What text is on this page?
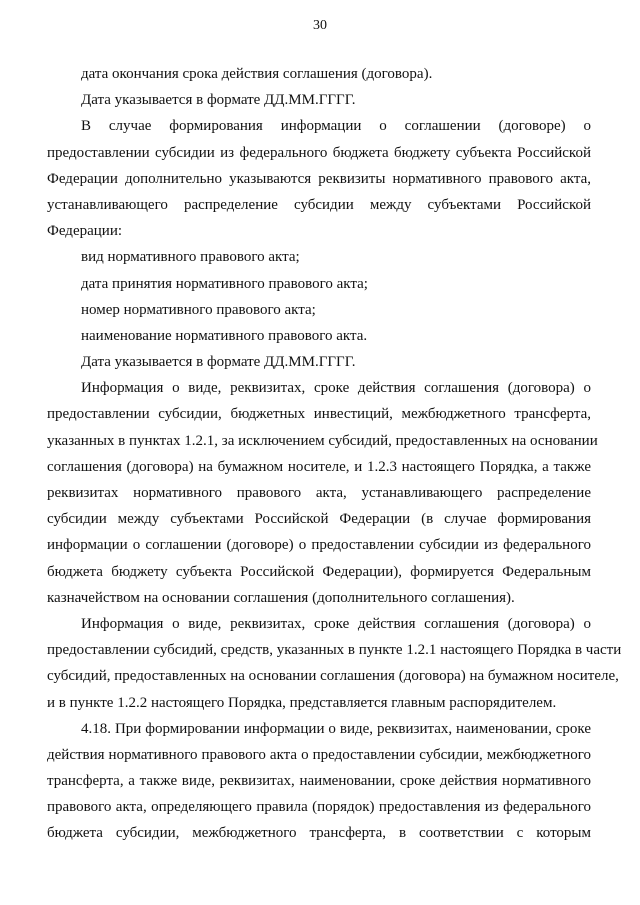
30
дата окончания срока действия соглашения (договора).
Дата указывается в формате ДД.ММ.ГГГГ.
В случае формирования информации о соглашении (договоре) о
предоставлении субсидии из федерального бюджета бюджету субъекта Российской
Федерации дополнительно указываются реквизиты нормативного правового акта,
устанавливающего распределение субсидии между субъектами Российской
Федерации:
вид нормативного правового акта;
дата принятия нормативного правового акта;
номер нормативного правового акта;
наименование нормативного правового акта.
Дата указывается в формате ДД.ММ.ГГГГ.
Информация о виде, реквизитах, сроке действия соглашения (договора) о
предоставлении субсидии, бюджетных инвестиций, межбюджетного трансферта,
указанных в пунктах 1.2.1, за исключением субсидий, предоставленных на основании
соглашения (договора) на бумажном носителе, и 1.2.3 настоящего Порядка, а также
реквизитах нормативного правового акта, устанавливающего распределение
субсидии между субъектами Российской Федерации (в случае формирования
информации о соглашении (договоре) о предоставлении субсидии из федерального
бюджета бюджету субъекта Российской Федерации), формируется Федеральным
казначейством на основании соглашения (дополнительного соглашения).
Информация о виде, реквизитах, сроке действия соглашения (договора) о
предоставлении субсидий, средств, указанных в пункте 1.2.1 настоящего Порядка в части
субсидий, предоставленных на основании соглашения (договора) на бумажном носителе,
и в пункте 1.2.2 настоящего Порядка, представляется главным распорядителем.
4.18. При формировании информации о виде, реквизитах, наименовании, сроке
действия нормативного правового акта о предоставлении субсидии, межбюджетного
трансферта, а также виде, реквизитах, наименовании, сроке действия нормативного
правового акта, определяющего правила (порядок) предоставления из федерального
бюджета субсидии, межбюджетного трансферта, в соответствии с которым
